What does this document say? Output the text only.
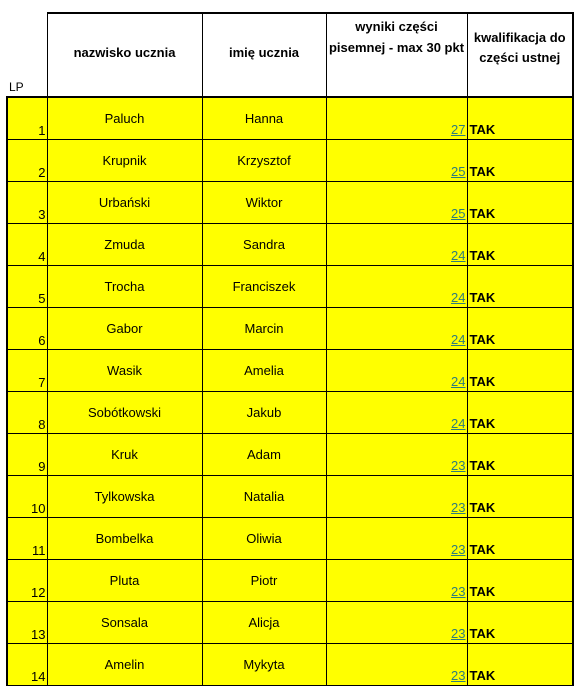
LP	nazwisko ucznia	imię ucznia	wyniki części pisemnej - max 30 pkt	kwalifikacja do części ustnej
1	Paluch	Hanna	27	TAK
2	Krupnik	Krzysztof	25	TAK
3	Urbański	Wiktor	25	TAK
4	Zmuda	Sandra	24	TAK
5	Trocha	Franciszek	24	TAK
6	Gabor	Marcin	24	TAK
7	Wasik	Amelia	24	TAK
8	Sobótkowski	Jakub	24	TAK
9	Kruk	Adam	23	TAK
10	Tylkowska	Natalia	23	TAK
11	Bombelka	Oliwia	23	TAK
12	Pluta	Piotr	23	TAK
13	Sonsala	Alicja	23	TAK
14	Amelin	Mykyta	23	TAK
